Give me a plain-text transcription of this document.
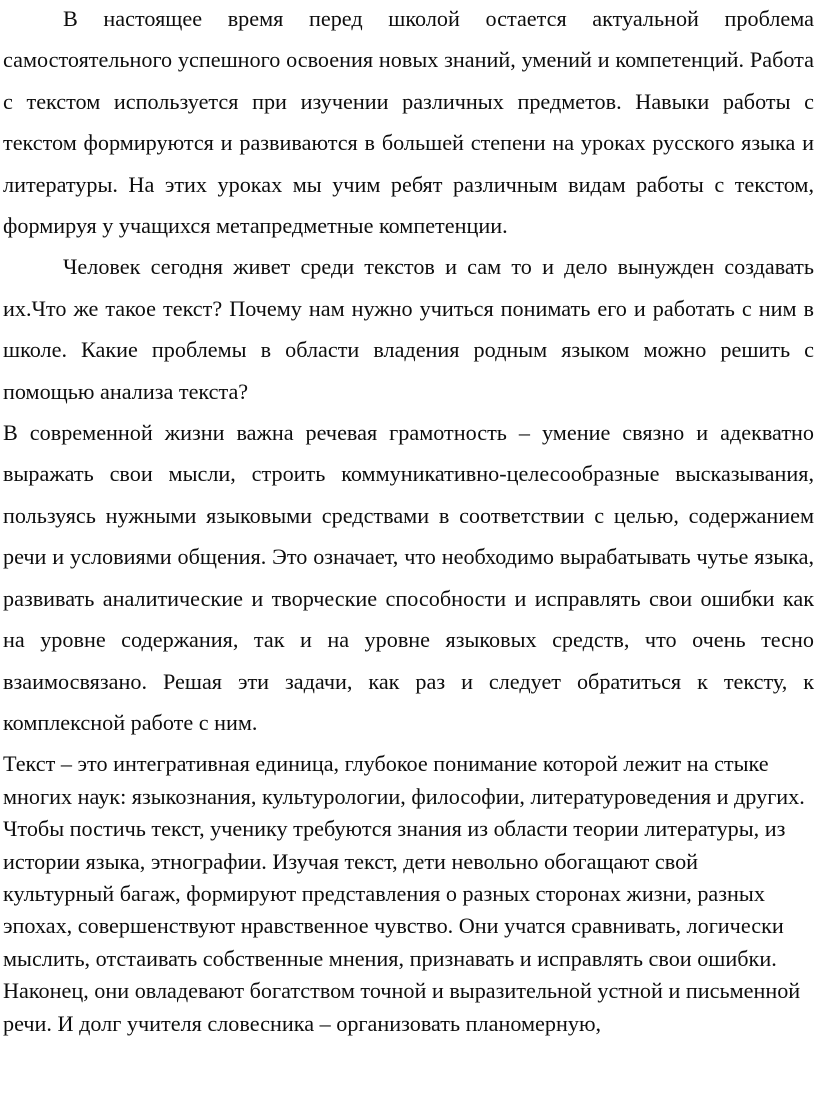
В настоящее время перед школой остается актуальной проблема самостоятельного успешного освоения новых знаний, умений и компетенций. Работа с текстом используется при изучении различных предметов. Навыки работы с текстом формируются и развиваются в большей степени на уроках русского языка и литературы. На этих уроках мы учим ребят различным видам работы с текстом, формируя у учащихся метапредметные компетенции.

Человек сегодня живет среди текстов и сам то и дело вынужден создавать их.Что же такое текст? Почему нам нужно учиться понимать его и работать с ним в школе. Какие проблемы в области владения родным языком можно решить с помощью анализа текста?

В современной жизни важна речевая грамотность – умение связно и адекватно выражать свои мысли, строить коммуникативно-целесообразные высказывания, пользуясь нужными языковыми средствами в соответствии с целью, содержанием речи и условиями общения. Это означает, что необходимо вырабатывать чутье языка, развивать аналитические и творческие способности и исправлять свои ошибки как на уровне содержания, так и на уровне языковых средств, что очень тесно взаимосвязано. Решая эти задачи, как раз и следует обратиться к тексту, к комплексной работе с ним.

Текст – это интегративная единица, глубокое понимание которой лежит на стыке многих наук: языкознания, культурологии, философии, литературоведения и других. Чтобы постичь текст, ученику требуются знания из области теории литературы, из истории языка, этнографии. Изучая текст, дети невольно обогащают свой культурный багаж, формируют представления о разных сторонах жизни, разных эпохах, совершенствуют нравственное чувство. Они учатся сравнивать, логически мыслить, отстаивать собственные мнения, признавать и исправлять свои ошибки. Наконец, они овладевают богатством точной и выразительной устной и письменной речи. И долг учителя словесника – организовать планомерную,
